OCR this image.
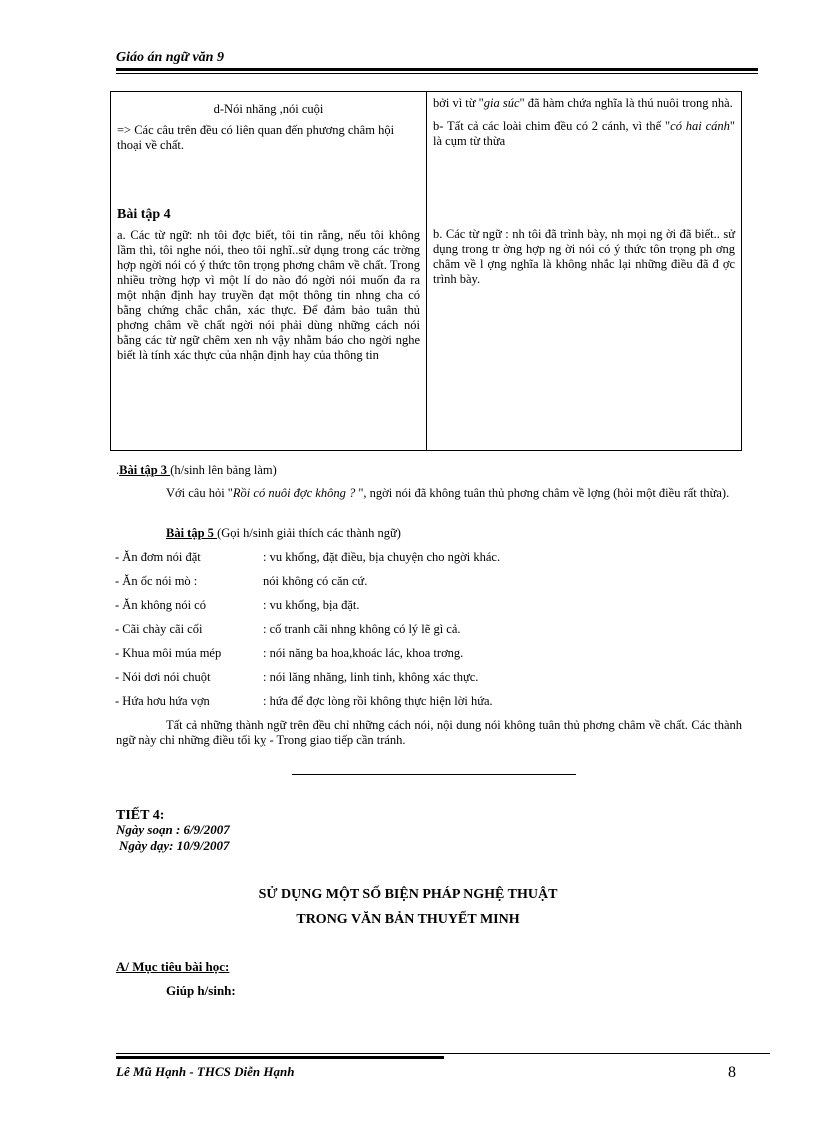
Giáo án ngữ văn 9
d-Nói nhăng ,nói cuội
=> Các câu trên đều có liên quan đến phương châm hội thoại về chất.
Bài tập 4
a. Các từ ngữ: nh tôi đợc biết, tôi tin rằng, nếu tôi không lầm thì, tôi nghe nói, theo tôi nghĩ..sử dụng trong các trờng hợp ngời nói có ý thức tôn trọng phơng châm về chất. Trong nhiều trờng hợp vì một lí do nào đó ngời nói muốn đa ra một nhận định hay truyền đạt một thông tin nhng cha có bằng chứng chắc chắn, xác thực. Để đảm bảo tuân thủ phơng châm về chất ngời nói phải dùng những cách nói bằng các từ ngữ chêm xen nh vậy nhằm báo cho ngời nghe biết là tính xác thực của nhận định hay của thông tin

bởi vì từ "gia súc" đã hàm chứa nghĩa là thú nuôi trong nhà.
b- Tất cả các loài chim đều có 2 cánh, vì thế "có hai cánh" là cụm từ thừa
b. Các từ ngữ : nh tôi đã trình bày, nh mọi ng ời đã biết.. sử dụng trong tr ờng hợp ng ời nói có ý thức tôn trọng ph ơng châm về l ợng nghĩa là không nhắc lại những điều đã đ ợc trình bày.
.Bài tập 3 (h/sinh lên bảng làm)
Với câu hỏi "Rồi có nuôi đợc không ? ", ngời nói đã không tuân thủ phơng châm về lợng (hỏi một điều rất thừa).
Bài tập 5 (Gọi h/sinh giải thích các thành ngữ)
- Ăn đơm nói đặt	: vu khống, đặt điều, bịa chuyện cho ngời khác.
- Ăn ốc nói mò :	nói không có căn cứ.
- Ăn không nói có	: vu khống, bịa đặt.
- Cãi chày cãi cối	: cố tranh cãi nhng không có lý lẽ gì cả.
- Khua môi múa mép	: nói năng ba hoa,khoác lác, khoa trơng.
- Nói dơi nói chuột	: nói lăng nhăng, linh tinh, không xác thực.
- Hứa hơu hứa vợn	: hứa để đợc lòng rồi không thực hiện lời hứa.
Tất cả những thành ngữ trên đều chỉ những cách nói, nội dung nói không tuân thủ phơng châm về chất. Các thành ngữ này chỉ những điều tối kỵ - Trong giao tiếp cần tránh.
TIẾT 4:
Ngày soạn : 6/9/2007
Ngày dạy: 10/9/2007
SỬ DỤNG MỘT SỐ BIỆN PHÁP NGHỆ THUẬT
TRONG VĂN BẢN THUYẾT MINH
A/ Mục tiêu bài học:
Giúp h/sinh:
Lê Mũ Hạnh - THCS Diễn Hạnh	8
